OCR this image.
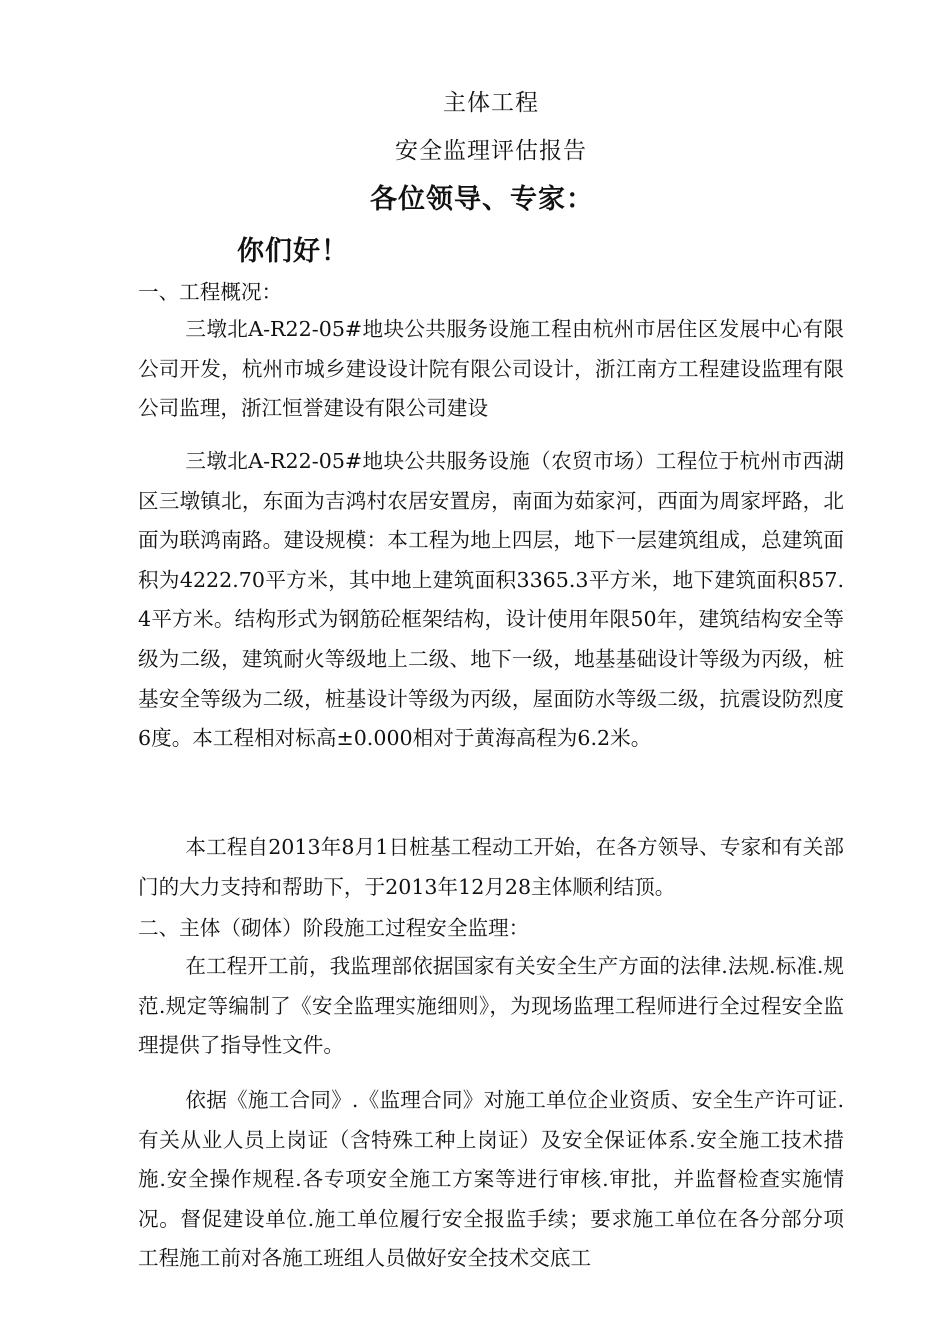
主体工程
安全监理评估报告
各位领导、专家：
你们好！
一、工程概况：
三墩北A-R22-05#地块公共服务设施工程由杭州市居住区发展中心有限公司开发，杭州市城乡建设设计院有限公司设计，浙江南方工程建设监理有限公司监理，浙江恒誉建设有限公司建设
三墩北A-R22-05#地块公共服务设施（农贸市场）工程位于杭州市西湖区三墩镇北，东面为吉鸿村农居安置房，南面为茹家河，西面为周家坪路，北面为联鸿南路。建设规模：本工程为地上四层，地下一层建筑组成，总建筑面积为4222.70平方米，其中地上建筑面积3365.3平方米，地下建筑面积857.4平方米。结构形式为钢筋砼框架结构，设计使用年限50年，建筑结构安全等级为二级，建筑耐火等级地上二级、地下一级，地基基础设计等级为丙级，桩基安全等级为二级，桩基设计等级为丙级，屋面防水等级二级，抗震设防烈度6度。本工程相对标高±0.000相对于黄海高程为6.2米。
本工程自2013年8月1日桩基工程动工开始，在各方领导、专家和有关部门的大力支持和帮助下，于2013年12月28主体顺利结顶。
二、主体（砌体）阶段施工过程安全监理：
在工程开工前，我监理部依据国家有关安全生产方面的法律.法规.标准.规范.规定等编制了《安全监理实施细则》，为现场监理工程师进行全过程安全监理提供了指导性文件。
依据《施工合同》.《监理合同》对施工单位企业资质、安全生产许可证.有关从业人员上岗证（含特殊工种上岗证）及安全保证体系.安全施工技术措施.安全操作规程.各专项安全施工方案等进行审核.审批，并监督检查实施情况。督促建设单位.施工单位履行安全报监手续；要求施工单位在各分部分项工程施工前对各施工班组人员做好安全技术交底工
